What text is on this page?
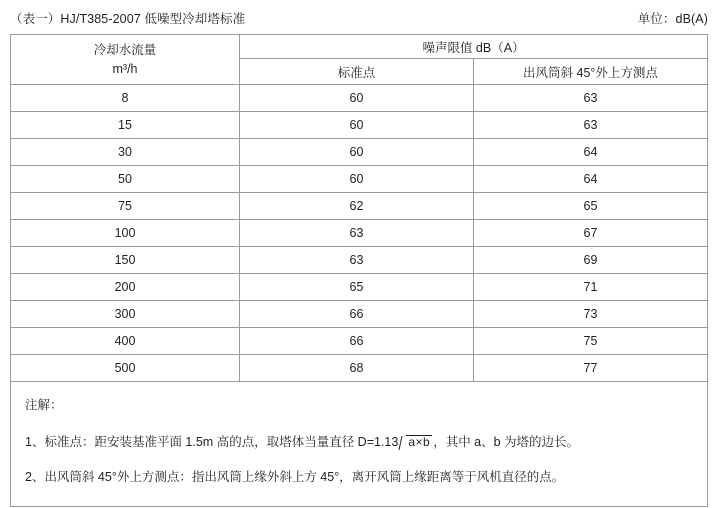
（表一）HJ/T385-2007 低噪型冷却塔标准	单位：dB(A)
冷却水流量
m³/h	噪声限值 dB（A）	
	标准点	出风筒斜 45°外上方测点
8	60	63
15	60	63
30	60	64
50	60	64
75	62	65
100	63	67
150	63	69
200	65	71
300	66	73
400	66	75
500	68	77
注解：
1、标准点：距安装基准平面 1.5m 高的点，取塔体当量直径 D=1.13 a×b ，其中 a、b 为塔的边长。
2、出风筒斜 45°外上方测点：指出风筒上缘外斜上方 45°，离开风筒上缘距离等于风机直径的点。
